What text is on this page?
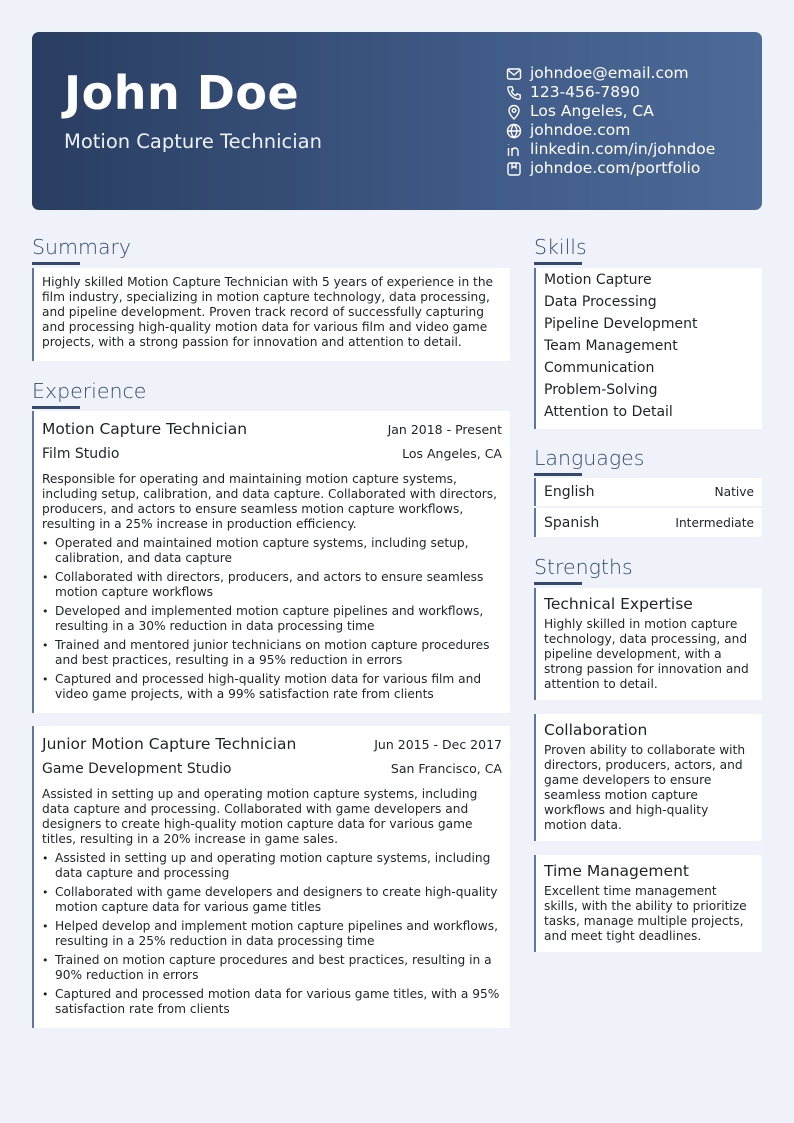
John Doe
Motion Capture Technician
johndoe@email.com
123-456-7890
Los Angeles, CA
johndoe.com
linkedin.com/in/johndoe
johndoe.com/portfolio
Summary
Highly skilled Motion Capture Technician with 5 years of experience in the film industry, specializing in motion capture technology, data processing, and pipeline development. Proven track record of successfully capturing and processing high-quality motion data for various film and video game projects, with a strong passion for innovation and attention to detail.
Experience
Motion Capture Technician	Jan 2018 - Present
Film Studio	Los Angeles, CA
Responsible for operating and maintaining motion capture systems, including setup, calibration, and data capture. Collaborated with directors, producers, and actors to ensure seamless motion capture workflows, resulting in a 25% increase in production efficiency.
• Operated and maintained motion capture systems, including setup, calibration, and data capture
• Collaborated with directors, producers, and actors to ensure seamless motion capture workflows
• Developed and implemented motion capture pipelines and workflows, resulting in a 30% reduction in data processing time
• Trained and mentored junior technicians on motion capture procedures and best practices, resulting in a 95% reduction in errors
• Captured and processed high-quality motion data for various film and video game projects, with a 99% satisfaction rate from clients
Junior Motion Capture Technician	Jun 2015 - Dec 2017
Game Development Studio	San Francisco, CA
Assisted in setting up and operating motion capture systems, including data capture and processing. Collaborated with game developers and designers to create high-quality motion capture data for various game titles, resulting in a 20% increase in game sales.
• Assisted in setting up and operating motion capture systems, including data capture and processing
• Collaborated with game developers and designers to create high-quality motion capture data for various game titles
• Helped develop and implement motion capture pipelines and workflows, resulting in a 25% reduction in data processing time
• Trained on motion capture procedures and best practices, resulting in a 90% reduction in errors
• Captured and processed motion data for various game titles, with a 95% satisfaction rate from clients
Skills
Motion Capture
Data Processing
Pipeline Development
Team Management
Communication
Problem-Solving
Attention to Detail
Languages
English	Native
Spanish	Intermediate
Strengths
Technical Expertise
Highly skilled in motion capture technology, data processing, and pipeline development, with a strong passion for innovation and attention to detail.
Collaboration
Proven ability to collaborate with directors, producers, actors, and game developers to ensure seamless motion capture workflows and high-quality motion data.
Time Management
Excellent time management skills, with the ability to prioritize tasks, manage multiple projects, and meet tight deadlines.
